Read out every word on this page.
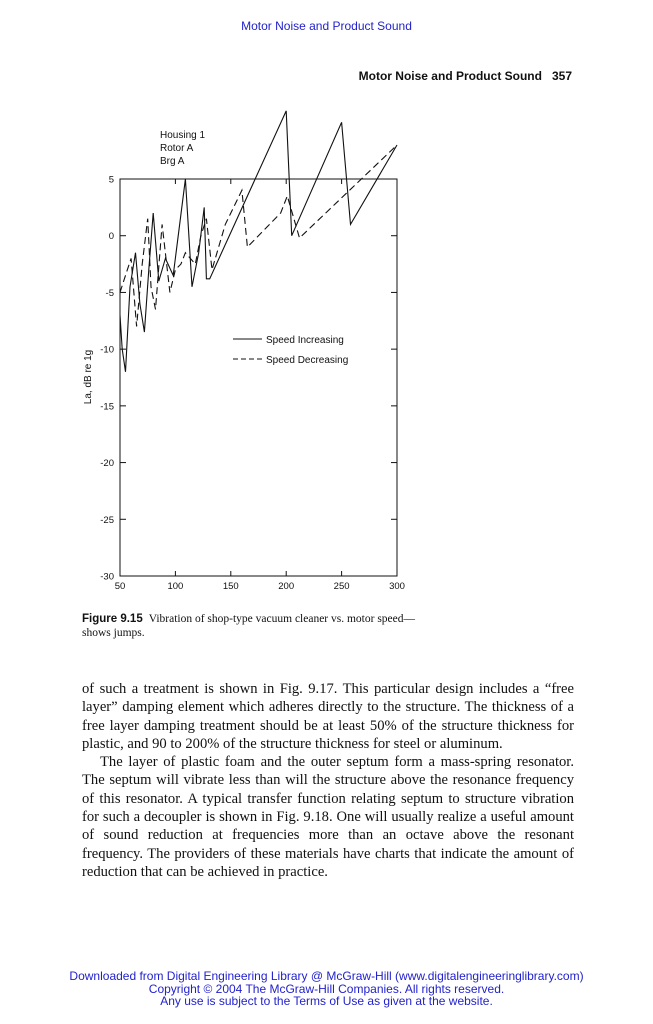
Motor Noise and Product Sound
Motor Noise and Product Sound 357
50	100	150	200	250	300
5
0
-5
-10
-15
-20
-25
-30
Housing 1
Rotor A
Brg A
La, dB re 1g
Speed Increasing
Speed Decreasing
Figure 9.15 Vibration of shop-type vacuum cleaner vs. motor speed—shows jumps.

of such a treatment is shown in Fig. 9.17. This particular design includes a “free layer” damping element which adheres directly to the structure. The thickness of a free layer damping treatment should be at least 50% of the structure thickness for plastic, and 90 to 200% of the structure thickness for steel or aluminum.

The layer of plastic foam and the outer septum form a mass-spring resonator. The septum will vibrate less than will the structure above the resonance frequency of this resonator. A typical transfer function relating septum to structure vibration for such a decoupler is shown in Fig. 9.18. One will usually realize a useful amount of sound reduction at frequencies more than an octave above the resonant frequency. The providers of these materials have charts that indicate the amount of reduction that can be achieved in practice.

Downloaded from Digital Engineering Library @ McGraw-Hill (www.digitalengineeringlibrary.com)
Copyright © 2004 The McGraw-Hill Companies. All rights reserved.
Any use is subject to the Terms of Use as given at the website.
